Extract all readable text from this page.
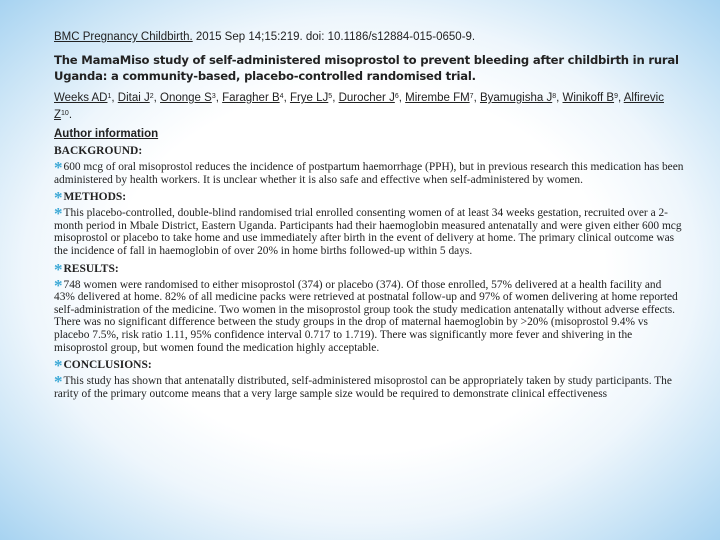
BMC Pregnancy Childbirth. 2015 Sep 14;15:219. doi: 10.1186/s12884-015-0650-9.
The MamaMiso study of self-administered misoprostol to prevent bleeding after childbirth in rural Uganda: a community-based, placebo-controlled randomised trial.
Weeks $AD^1$, Ditai $J^2$, Ononge $S^3$, Faragher $B^4$, Frye $LJ^5$, Durocher $J^6$, Mirembe $FM^7$, Byamugisha $J^8$, Winikoff $B^9$, Alfirevic $Z^{10}$.
Author information
BACKGROUND:
*600 mcg of oral misoprostol reduces the incidence of postpartum haemorrhage (PPH), but in previous research this medication has been administered by health workers. It is unclear whether it is also safe and effective when self-administered by women.
*METHODS:
*This placebo-controlled, double-blind randomised trial enrolled consenting women of at least 34 weeks gestation, recruited over a 2-month period in Mbale District, Eastern Uganda. Participants had their haemoglobin measured antenatally and were given either 600 mcg misoprostol or placebo to take home and use immediately after birth in the event of delivery at home. The primary clinical outcome was the incidence of fall in haemoglobin of over 20% in home births followed-up within 5 days.
*RESULTS:
*748 women were randomised to either misoprostol (374) or placebo (374). Of those enrolled, 57% delivered at a health facility and 43% delivered at home. 82% of all medicine packs were retrieved at postnatal follow-up and 97% of women delivering at home reported self-administration of the medicine. Two women in the misoprostol group took the study medication antenatally without adverse effects. There was no significant difference between the study groups in the drop of maternal haemoglobin by >20% (misoprostol 9.4% vs placebo 7.5%, risk ratio 1.11, 95% confidence interval 0.717 to 1.719). There was significantly more fever and shivering in the misoprostol group, but women found the medication highly acceptable.
*CONCLUSIONS:
*This study has shown that antenatally distributed, self-administered misoprostol can be appropriately taken by study participants. The rarity of the primary outcome means that a very large sample size would be required to demonstrate clinical effectiveness
